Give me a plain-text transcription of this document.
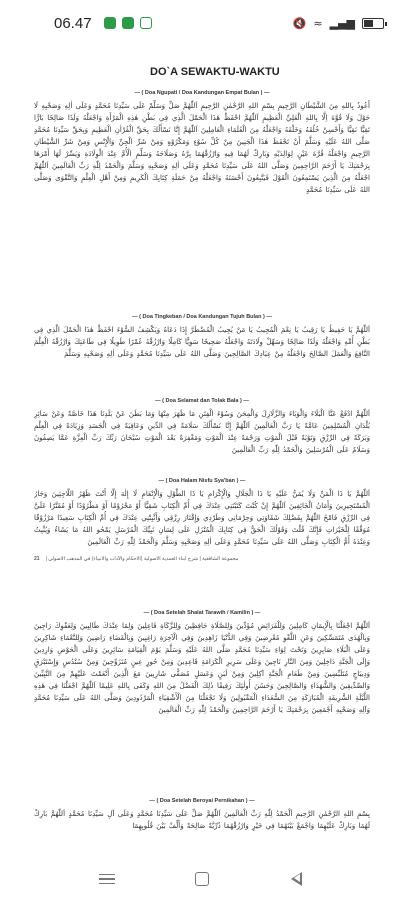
06.47	🔇 ≈ ▂▄▆
DO`A SEWAKTU-WAKTU
— ( Doa Ngupati / Doa Kandungan Empat Bulan ) —
أَعُوذُ بِاللهِ مِنَ الشَّيْطَانِ الرَّجِيمِ بِسْمِ اللهِ الرَّحْمٰنِ الرَّحِيمِ اَللّٰهُمَّ صَلِّ وَسَلِّمْ عَلَى سَيِّدِنَا مُحَمَّدٍ وَعَلَى اٰلِهِ وَصَحْبِهِ لَا حَوْلَ وَلَا قُوَّةَ اِلَّا بِاللهِ الْعَلِيِّ الْعَظِيمِ اَللّٰهُمَّ احْفَظْ هَذَا الْحَمْلَ الَّذِي فِي بَطْنِ هٰذِهِ الْمَرْأَةِ وَاجْعَلْهُ وَلَدًا صَالِحًا بَارًّا تَقِيًّا نَقِيًّا وَأَحْسِنْ خُلُقَهُ وَخَلْقَهُ وَاجْعَلْهُ مِنَ الْعُلَمَاءِ الْعَامِلِينَ اَللّٰهُمَّ إِنَّا نَسْأَلُكَ بِحَقِّ الْقُرْاٰنِ الْعَظِيمِ وَبِحَقِّ سَيِّدِنَا مُحَمَّدٍ صَلَّى اللهُ عَلَيْهِ وَسَلَّمَ أَنْ تَحْفَظَ هٰذَا الْجَنِينَ مِنْ كُلِّ سُوْءٍ وَمَكْرُوْهٍ وَمِنْ شَرِّ الْجِنِّ وَالْإِنْسِ وَمِنْ شَرِّ الشَّيْطَانِ الرَّجِيمِ وَاجْعَلْهُ قُرَّةَ عَيْنٍ لِوَالِدَيْهِ وَبَارِكْ لَهُمَا فِيهِ وَارْزُقْهُمَا بِرَّهُ وَصَلَاحَهُ وَسَلِّمِ الْأُمَّ عِنْدَ الْوِلَادَةِ وَيَسِّرْ لَهَا أَمْرَهَا بِرَحْمَتِكَ يَا أَرْحَمَ الرَّاحِمِينَ وَصَلَّى اللهُ عَلَى سَيِّدِنَا مُحَمَّدٍ وَعَلَى اٰلِهِ وَصَحْبِهِ وَسَلَّمَ وَالْحَمْدُ لِلّٰهِ رَبِّ الْعَالَمِينَ اَللّٰهُمَّ اجْعَلْهُ مِنَ الَّذِينَ يَسْتَمِعُونَ الْقَوْلَ فَيَتَّبِعُونَ أَحْسَنَهُ وَاجْعَلْهُ مِنْ حَمَلَةِ كِتَابِكَ الْكَرِيمِ وَمِنْ أَهْلِ الْعِلْمِ وَالتَّقْوَى وَصَلَّى اللهُ عَلَى سَيِّدِنَا مُحَمَّدٍ
— ( Doa Tingkeban / Doa Kandungan Tujuh Bulan ) —
اَللّٰهُمَّ يَا حَفِيظُ يَا رَقِيبُ يَا نِعْمَ الْمُجِيبُ يَا مَنْ يُجِيبُ الْمُضْطَرَّ إِذَا دَعَاهُ وَيَكْشِفُ السُّوْءَ احْفَظْ هٰذَا الْحَمْلَ الَّذِي فِي بَطْنِ أُمِّهِ وَاجْعَلْهُ وَلَدًا صَالِحًا وَسَهِّلْ وِلَادَتَهُ وَاجْعَلْهُ صَحِيحًا سَوِيًّا كَامِلًا وَارْزُقْهُ عُمْرًا طَوِيلًا فِي طَاعَتِكَ وَارْزُقْهُ الْعِلْمَ النَّافِعَ وَالْعَمَلَ الصَّالِحَ وَاجْعَلْهُ مِنْ عِبَادِكَ الصَّالِحِينَ وَصَلَّى اللهُ عَلَى سَيِّدِنَا مُحَمَّدٍ وَعَلَى اٰلِهِ وَصَحْبِهِ وَسَلَّمَ
— ( Doa Selamat dan Tolak Bala ) —
اَللّٰهُمَّ ادْفَعْ عَنَّا الْبَلَاءَ وَالْوَبَاءَ وَالزَّلَازِلَ وَالْمِحَنَ وَسُوْءَ الْفِتَنِ مَا ظَهَرَ مِنْهَا وَمَا بَطَنَ عَنْ بَلَدِنَا هَذَا خَاصَّةً وَعَنْ سَائِرِ بُلْدَانِ الْمُسْلِمِينَ عَامَّةً يَا رَبَّ الْعَالَمِينَ اَللّٰهُمَّ إِنَّا نَسْأَلُكَ سَلَامَةً فِي الدِّينِ وَعَافِيَةً فِي الْجَسَدِ وَزِيَادَةً فِي الْعِلْمِ وَبَرَكَةً فِي الرِّزْقِ وَتَوْبَةً قَبْلَ الْمَوْتِ وَرَحْمَةً عِنْدَ الْمَوْتِ وَمَغْفِرَةً بَعْدَ الْمَوْتِ سُبْحَانَ رَبِّكَ رَبِّ الْعِزَّةِ عَمَّا يَصِفُونَ وَسَلَامٌ عَلَى الْمُرْسَلِينَ وَالْحَمْدُ لِلّٰهِ رَبِّ الْعَالَمِينَ
— ( Doa Halam Nisfu Sya'ban ) —
اَللّٰهُمَّ يَا ذَا الْمَنِّ وَلَا يُمَنُّ عَلَيْهِ يَا ذَا الْجَلَالِ وَالْإِكْرَامِ يَا ذَا الطَّوْلِ وَالْإِنْعَامِ لَا إِلٰهَ إِلَّا أَنْتَ ظَهْرُ اللَّاجِئِينَ وَجَارُ الْمُسْتَجِيرِينَ وَأَمَانُ الْخَائِفِينَ اَللّٰهُمَّ إِنْ كُنْتَ كَتَبْتَنِي عِنْدَكَ فِي أُمِّ الْكِتَابِ شَقِيًّا أَوْ مَحْرُوْمًا أَوْ مَطْرُوْدًا أَوْ مُقَتَّرًا عَلَيَّ فِي الرِّزْقِ فَامْحُ اللّٰهُمَّ بِفَضْلِكَ شَقَاوَتِي وَحِرْمَانِي وَطَرْدِي وَإِقْتَارَ رِزْقِي وَأَثْبِتْنِي عِنْدَكَ فِي أُمِّ الْكِتَابِ سَعِيدًا مَرْزُوْقًا مُوَفَّقًا لِلْخَيْرَاتِ فَإِنَّكَ قُلْتَ وَقَوْلُكَ الْحَقُّ فِي كِتَابِكَ الْمُنْزَلِ عَلَى لِسَانِ نَبِيِّكَ الْمُرْسَلِ يَمْحُو اللهُ مَا يَشَاءُ وَيُثْبِتُ وَعِنْدَهُ أُمُّ الْكِتَابِ وَصَلَّى اللهُ عَلَى سَيِّدِنَا مُحَمَّدٍ وَعَلَى اٰلِهِ وَصَحْبِهِ وَسَلَّمَ وَالْحَمْدُ لِلّٰهِ رَبِّ الْعَالَمِينَ
21 | مجموعة الشافعية | شرح ابناء العمدية الاصولية (الاحكام والآداب والانبياء) في المذهب الاصولي
— ( Doa Setelah Shalat Tarawih / Kamilin ) —
اَللّٰهُمَّ اجْعَلْنَا بِالْإِيمَانِ كَامِلِينَ وَلِلْفَرَائِضِ مُؤَدِّينَ وَلِلصَّلَاةِ حَافِظِينَ وَلِلزَّكَاةِ فَاعِلِينَ وَلِمَا عِنْدَكَ طَالِبِينَ وَلِعَفْوِكَ رَاجِينَ وَبِالْهُدَى مُتَمَسِّكِينَ وَعَنِ اللَّغْوِ مُعْرِضِينَ وَفِي الدُّنْيَا زَاهِدِينَ وَفِي الْآخِرَةِ رَاغِبِينَ وَبِالْقَضَاءِ رَاضِينَ وَلِلنَّعْمَاءِ شَاكِرِينَ وَعَلَى الْبَلَاءِ صَابِرِينَ وَتَحْتَ لِوَاءِ سَيِّدِنَا مُحَمَّدٍ صَلَّى اللهُ عَلَيْهِ وَسَلَّمَ يَوْمَ الْقِيَامَةِ سَائِرِينَ وَعَلَى الْحَوْضِ وَارِدِينَ وَإِلَى الْجَنَّةِ دَاخِلِينَ وَمِنَ النَّارِ نَاجِينَ وَعَلَى سَرِيرِ الْكَرَامَةِ قَاعِدِينَ وَمِنْ حُورٍ عِينٍ مُتَزَوِّجِينَ وَمِنْ سُنْدُسٍ وَإِسْتَبْرَقٍ وَدِيبَاجٍ مُتَلَبِّسِينَ وَمِنْ طَعَامِ الْجَنَّةِ آكِلِينَ وَمِنْ لَبَنٍ وَعَسَلٍ مُصَفًّى شَارِبِينَ مَعَ الَّذِينَ أَنْعَمْتَ عَلَيْهِمْ مِنَ النَّبِيِّينَ وَالصِّدِّيقِينَ وَالشُّهَدَاءِ وَالصَّالِحِينَ وَحَسُنَ أُولٰئِكَ رَفِيقًا ذٰلِكَ الْفَضْلُ مِنَ اللهِ وَكَفَى بِاللهِ عَلِيمًا اَللّٰهُمَّ اجْعَلْنَا فِي هٰذِهِ اللَّيْلَةِ الشَّرِيفَةِ الْمُبَارَكَةِ مِنَ السُّعَدَاءِ الْمَقْبُولِينَ وَلَا تَجْعَلْنَا مِنَ الْأَشْقِيَاءِ الْمَرْدُودِينَ وَصَلَّى اللهُ عَلَى سَيِّدِنَا مُحَمَّدٍ وَآلِهِ وَصَحْبِهِ أَجْمَعِينَ بِرَحْمَتِكَ يَا أَرْحَمَ الرَّاحِمِينَ وَالْحَمْدُ لِلّٰهِ رَبِّ الْعَالَمِينَ
— ( Doa Setelah Beroyai Pernikahan ) —
بِسْمِ اللهِ الرَّحْمٰنِ الرَّحِيمِ اَلْحَمْدُ لِلّٰهِ رَبِّ الْعَالَمِينَ اَللّٰهُمَّ صَلِّ عَلَى سَيِّدِنَا مُحَمَّدٍ وَعَلَى آلِ سَيِّدِنَا مُحَمَّدٍ اَللّٰهُمَّ بَارِكْ لَهُمَا وَبَارِكْ عَلَيْهِمَا وَاجْمَعْ بَيْنَهُمَا فِي خَيْرٍ وَارْزُقْهُمَا ذُرِّيَّةً صَالِحَةً وَأَلِّفْ بَيْنَ قُلُوبِهِمَا
